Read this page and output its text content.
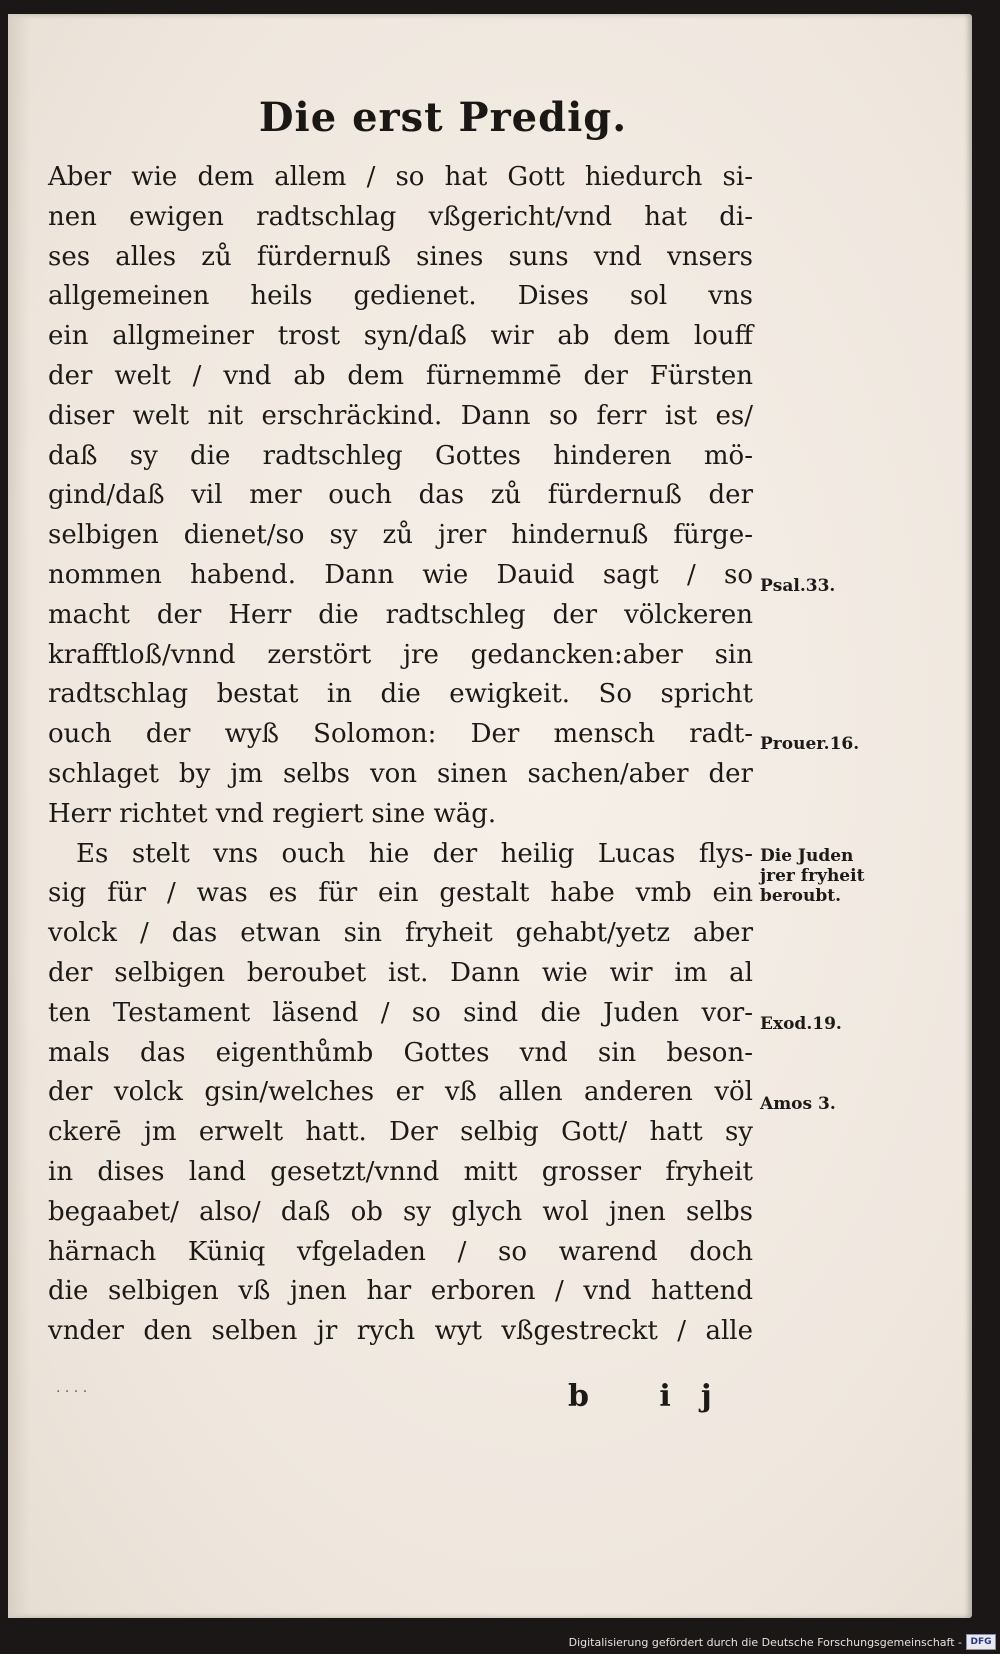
Die erst Predig.
Aber wie dem allem / so hat Gott hiedurch si-
nen ewigen radtschlag vßgericht/vnd hat di-
ses alles zů fürdernuß sines suns vnd vnsers
allgemeinen heils gedienet. Dises sol vns
ein allgmeiner trost syn/daß wir ab dem louff
der welt / vnd ab dem fürnemmē der Fürsten
diser welt nit erschräckind. Dann so ferr ist es/
daß sy die radtschleg Gottes hinderen mö-
gind/daß vil mer ouch das zů fürdernuß der
selbigen dienet/so sy zů jrer hindernuß fürge-
nommen habend. Dann wie Dauid sagt / so
macht der Herr die radtschleg der völckeren
krafftloß/vnnd zerstört jre gedancken:aber sin
radtschlag bestat in die ewigkeit. So spricht
ouch der wyß Solomon: Der mensch radt-
schlaget by jm selbs von sinen sachen/aber der
Herr richtet vnd regiert sine wäg.
Es stelt vns ouch hie der heilig Lucas flys-
sig für / was es für ein gestalt habe vmb ein
volck / das etwan sin fryheit gehabt/yetz aber
der selbigen beroubet ist. Dann wie wir im al
ten Testament läsend / so sind die Juden vor-
mals das eigenthůmb Gottes vnd sin beson-
der volck gsin/welches er vß allen anderen völ
ckerē jm erwelt hatt. Der selbig Gott/ hatt sy
in dises land gesetzt/vnnd mitt grosser fryheit
begaabet/ also/ daß ob sy glych wol jnen selbs
härnach Küniq vfgeladen / so warend doch
die selbigen vß jnen har erboren / vnd hattend
vnder den selben jr rych wyt vßgestreckt / alle
Psal.33.
Prouer.16.
Die Juden
jrer fryheit
beroubt.
Exod.19.
Amos 3.
· · · ·	b ij
Digitalisierung gefördert durch die Deutsche Forschungsgemeinschaft - DFG
